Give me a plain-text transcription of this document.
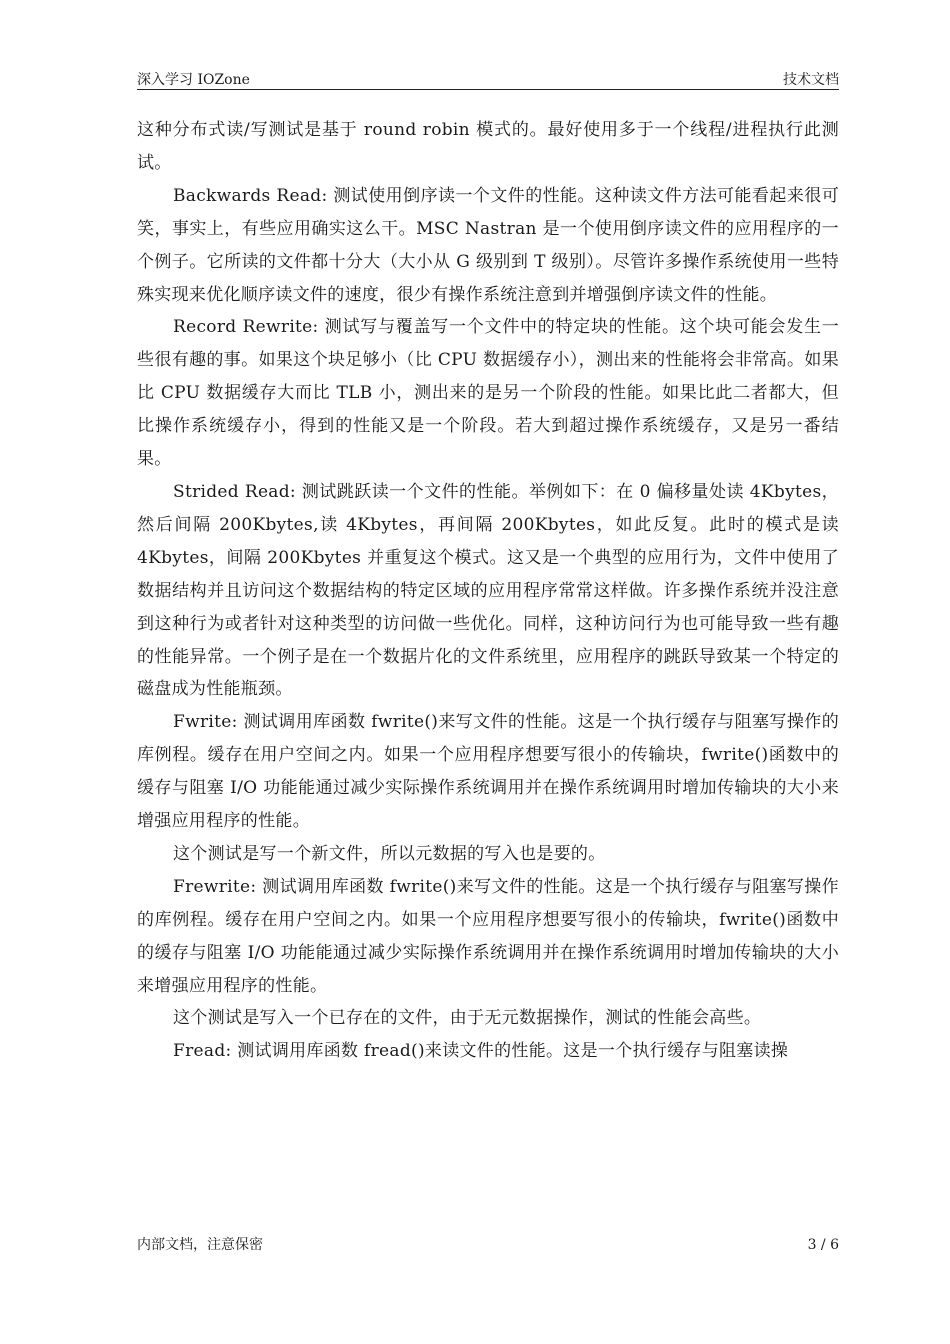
深入学习 IOZone	技术文档

这种分布式读/写测试是基于 round robin 模式的。最好使用多于一个线程/进程执行此测试。

Backwards Read: 测试使用倒序读一个文件的性能。这种读文件方法可能看起来很可笑，事实上，有些应用确实这么干。MSC Nastran 是一个使用倒序读文件的应用程序的一个例子。它所读的文件都十分大（大小从 G 级别到 T 级别）。尽管许多操作系统使用一些特殊实现来优化顺序读文件的速度，很少有操作系统注意到并增强倒序读文件的性能。

Record Rewrite: 测试写与覆盖写一个文件中的特定块的性能。这个块可能会发生一些很有趣的事。如果这个块足够小（比 CPU 数据缓存小），测出来的性能将会非常高。如果比 CPU 数据缓存大而比 TLB 小，测出来的是另一个阶段的性能。如果比此二者都大，但比操作系统缓存小，得到的性能又是一个阶段。若大到超过操作系统缓存，又是另一番结果。

Strided Read: 测试跳跃读一个文件的性能。举例如下：在 0 偏移量处读 4Kbytes，然后间隔 200Kbytes,读 4Kbytes，再间隔 200Kbytes，如此反复。此时的模式是读 4Kbytes，间隔 200Kbytes 并重复这个模式。这又是一个典型的应用行为，文件中使用了数据结构并且访问这个数据结构的特定区域的应用程序常常这样做。许多操作系统并没注意到这种行为或者针对这种类型的访问做一些优化。同样，这种访问行为也可能导致一些有趣的性能异常。一个例子是在一个数据片化的文件系统里，应用程序的跳跃导致某一个特定的磁盘成为性能瓶颈。

Fwrite: 测试调用库函数 fwrite()来写文件的性能。这是一个执行缓存与阻塞写操作的库例程。缓存在用户空间之内。如果一个应用程序想要写很小的传输块，fwrite()函数中的缓存与阻塞 I/O 功能能通过减少实际操作系统调用并在操作系统调用时增加传输块的大小来增强应用程序的性能。

这个测试是写一个新文件，所以元数据的写入也是要的。

Frewrite: 测试调用库函数 fwrite()来写文件的性能。这是一个执行缓存与阻塞写操作的库例程。缓存在用户空间之内。如果一个应用程序想要写很小的传输块，fwrite()函数中的缓存与阻塞 I/O 功能能通过减少实际操作系统调用并在操作系统调用时增加传输块的大小来增强应用程序的性能。

这个测试是写入一个已存在的文件，由于无元数据操作，测试的性能会高些。

Fread: 测试调用库函数 fread()来读文件的性能。这是一个执行缓存与阻塞读操

内部文档，注意保密	3 / 6
